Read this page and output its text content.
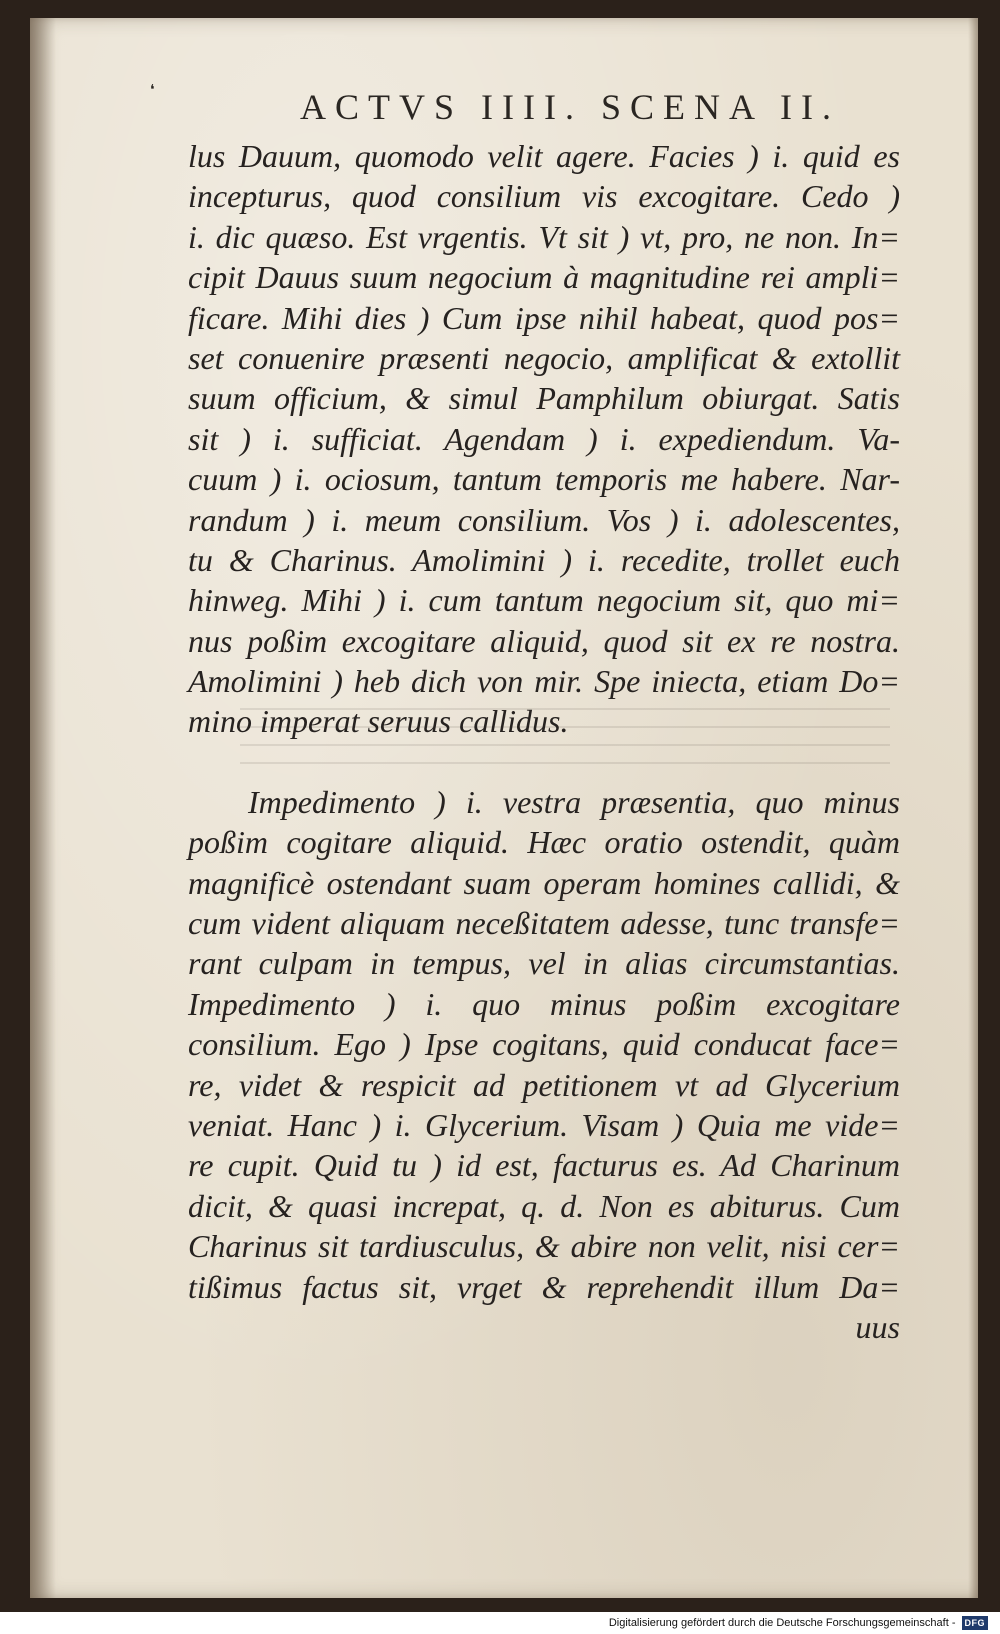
❛	ACTVS IIII. SCENA II.
lus Dauum, quomodo velit agere. Facies ) i. quid es
incepturus, quod consilium vis excogitare. Cedo )
i. dic quæso. Est vrgentis. Vt sit ) vt, pro, ne non. In=
cipit Dauus suum negocium à magnitudine rei ampli=
ficare. Mihi dies ) Cum ipse nihil habeat, quod pos=
set conuenire præsenti negocio, amplificat & extollit
suum officium, & simul Pamphilum obiurgat. Satis
sit ) i. sufficiat. Agendam ) i. expediendum. Va-
cuum ) i. ociosum, tantum temporis me habere. Nar-
randum ) i. meum consilium. Vos ) i. adolescentes,
tu & Charinus. Amolimini ) i. recedite, trollet euch
hinweg. Mihi ) i. cum tantum negocium sit, quo mi=
nus poßim excogitare aliquid, quod sit ex re nostra.
Amolimini ) heb dich von mir. Spe iniecta, etiam Do=
mino imperat seruus callidus.
Impedimento ) i. vestra præsentia, quo minus
poßim cogitare aliquid. Hæc oratio ostendit, quàm
magnificè ostendant suam operam homines callidi, &
cum vident aliquam neceßitatem adesse, tunc transfe=
rant culpam in tempus, vel in alias circumstantias.
Impedimento ) i. quo minus poßim excogitare
consilium. Ego ) Ipse cogitans, quid conducat face=
re, videt & respicit ad petitionem vt ad Glycerium
veniat. Hanc ) i. Glycerium. Visam ) Quia me vide=
re cupit. Quid tu ) id est, facturus es. Ad Charinum
dicit, & quasi increpat, q. d. Non es abiturus. Cum
Charinus sit tardiusculus, & abire non velit, nisi cer=
tißimus factus sit, vrget & reprehendit illum Da=
uus
Digitalisierung gefördert durch die Deutsche Forschungsgemeinschaft -	DFG
